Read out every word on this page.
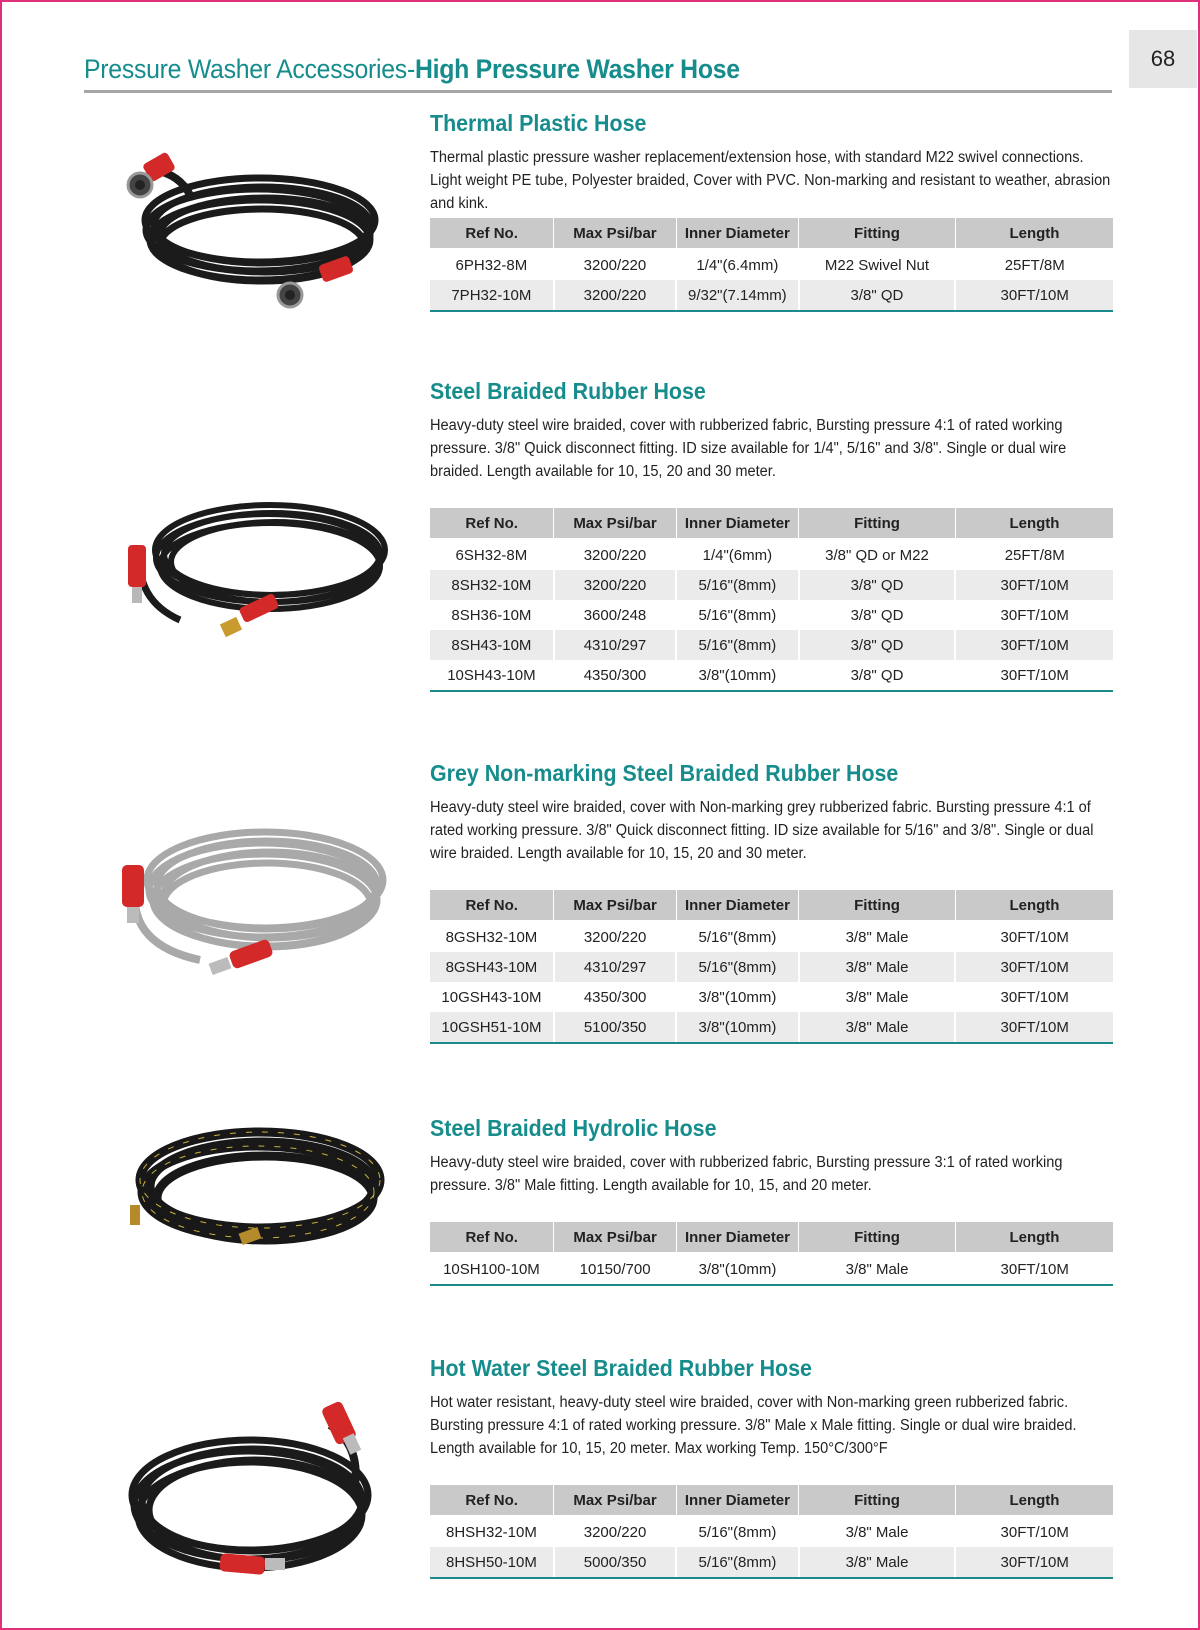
68
Pressure Washer Accessories-High Pressure Washer Hose
Thermal Plastic Hose
Thermal plastic pressure washer replacement/extension hose, with standard M22 swivel connections. Light weight PE tube, Polyester braided, Cover with PVC. Non-marking and resistant to weather, abrasion and kink.
Ref No.	Max Psi/bar	Inner Diameter	Fitting	Length
6PH32-8M	3200/220	1/4"(6.4mm)	M22 Swivel Nut	25FT/8M
7PH32-10M	3200/220	9/32"(7.14mm)	3/8" QD	30FT/10M
Steel Braided Rubber Hose
Heavy-duty steel wire braided, cover with rubberized fabric, Bursting pressure 4:1 of rated working pressure. 3/8" Quick disconnect fitting. ID size available for 1/4", 5/16" and 3/8". Single or dual wire braided. Length available for 10, 15, 20 and 30 meter.
Ref No.	Max Psi/bar	Inner Diameter	Fitting	Length
6SH32-8M	3200/220	1/4"(6mm)	3/8" QD or M22	25FT/8M
8SH32-10M	3200/220	5/16"(8mm)	3/8" QD	30FT/10M
8SH36-10M	3600/248	5/16"(8mm)	3/8" QD	30FT/10M
8SH43-10M	4310/297	5/16"(8mm)	3/8" QD	30FT/10M
10SH43-10M	4350/300	3/8"(10mm)	3/8" QD	30FT/10M
Grey Non-marking Steel Braided Rubber Hose
Heavy-duty steel wire braided, cover with Non-marking grey rubberized fabric. Bursting pressure 4:1 of rated working pressure. 3/8" Quick disconnect fitting. ID size available for 5/16" and 3/8". Single or dual wire braided. Length available for 10, 15, 20 and 30 meter.
Ref No.	Max Psi/bar	Inner Diameter	Fitting	Length
8GSH32-10M	3200/220	5/16"(8mm)	3/8" Male	30FT/10M
8GSH43-10M	4310/297	5/16"(8mm)	3/8" Male	30FT/10M
10GSH43-10M	4350/300	3/8"(10mm)	3/8" Male	30FT/10M
10GSH51-10M	5100/350	3/8"(10mm)	3/8" Male	30FT/10M
Steel Braided Hydrolic Hose
Heavy-duty steel wire braided, cover with rubberized fabric, Bursting pressure 3:1 of rated working pressure. 3/8" Male fitting. Length available for 10, 15, and 20 meter.
Ref No.	Max Psi/bar	Inner Diameter	Fitting	Length
10SH100-10M	10150/700	3/8"(10mm)	3/8" Male	30FT/10M
Hot Water Steel Braided Rubber Hose
Hot water resistant, heavy-duty steel wire braided, cover with Non-marking green rubberized fabric. Bursting pressure 4:1 of rated working pressure. 3/8" Male x Male fitting. Single or dual wire braided. Length available for 10, 15, 20 meter. Max working Temp. 150°C/300°F
Ref No.	Max Psi/bar	Inner Diameter	Fitting	Length
8HSH32-10M	3200/220	5/16"(8mm)	3/8" Male	30FT/10M
8HSH50-10M	5000/350	5/16"(8mm)	3/8" Male	30FT/10M
